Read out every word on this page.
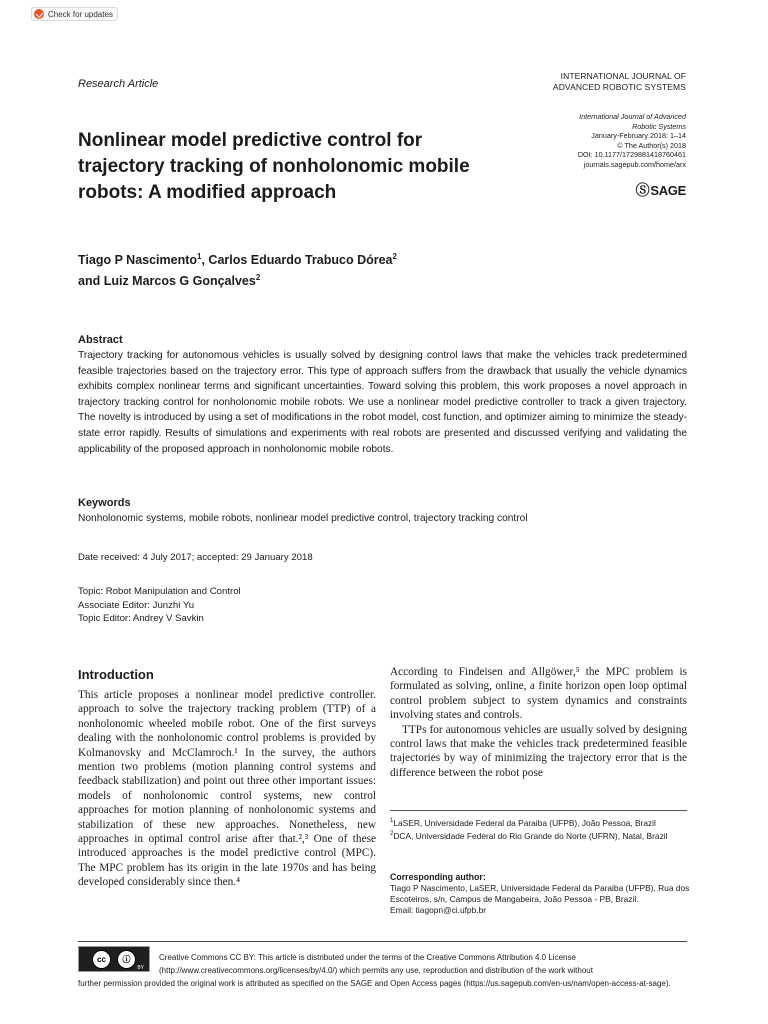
Check for updates
Research Article
INTERNATIONAL JOURNAL OF
ADVANCED ROBOTIC SYSTEMS
International Journal of Advanced
Robotic Systems
January-February 2018: 1–14
© The Author(s) 2018
DOI: 10.1177/1729881418760461
journals.sagepub.com/home/arx
Ⓢ SAGE
Nonlinear model predictive control for trajectory tracking of nonholonomic mobile robots: A modified approach
Tiago P Nascimento$^1$, Carlos Eduardo Trabuco Dórea$^2$
and Luiz Marcos G Gonçalves$^2$
Abstract
Trajectory tracking for autonomous vehicles is usually solved by designing control laws that make the vehicles track predetermined feasible trajectories based on the trajectory error. This type of approach suffers from the drawback that usually the vehicle dynamics exhibits complex nonlinear terms and significant uncertainties. Toward solving this problem, this work proposes a novel approach in trajectory tracking control for nonholonomic mobile robots. We use a nonlinear model predictive controller to track a given trajectory. The novelty is introduced by using a set of modifications in the robot model, cost function, and optimizer aiming to minimize the steady-state error rapidly. Results of simulations and experiments with real robots are presented and discussed verifying and validating the applicability of the proposed approach in nonholonomic mobile robots.
Keywords
Nonholonomic systems, mobile robots, nonlinear model predictive control, trajectory tracking control
Date received: 4 July 2017; accepted: 29 January 2018
Topic: Robot Manipulation and Control
Associate Editor: Junzhi Yu
Topic Editor: Andrey V Savkin
Introduction

This article proposes a nonlinear model predictive controller. approach to solve the trajectory tracking problem (TTP) of a nonholonomic wheeled mobile robot. One of the first surveys dealing with the nonholonomic control problems is provided by Kolmanovsky and McClamroch.¹ In the survey, the authors mention two problems (motion planning control systems and feedback stabilization) and point out three other important issues: models of nonholonomic control systems, new control approaches for motion planning of nonholonomic systems and stabilization of these new approaches. Nonetheless, new approaches in optimal control arise after that.²,³ One of these introduced approaches is the model predictive control (MPC). The MPC problem has its origin in the late 1970s and has being developed considerably since then.⁴

According to Findeisen and Allgöwer,⁵ the MPC problem is formulated as solving, online, a finite horizon open loop optimal control problem subject to system dynamics and constraints involving states and controls.

TTPs for autonomous vehicles are usually solved by designing control laws that make the vehicles track predetermined feasible trajectories by way of minimizing the trajectory error that is the difference between the robot pose

$^1$LaSER, Universidade Federal da Paraiba (UFPB), João Pessoa, Brazil
$^2$DCA, Universidade Federal do Rio Grande do Norte (UFRN), Natal, Brazil
Corresponding author:
Tiago P Nascimento, LaSER, Universidade Federal da Paraiba (UFPB), Rua dos Escoteiros, s/n, Campus de Mangabeira, João Pessoa - PB, Brazil.
Email: tiagopn@ci.ufpb.br
cc	ⓘ
BY
Creative Commons CC BY: This article is distributed under the terms of the Creative Commons Attribution 4.0 License (http://www.creativecommons.org/licenses/by/4.0/) which permits any use, reproduction and distribution of the work without
further permission provided the original work is attributed as specified on the SAGE and Open Access pages (https://us.sagepub.com/en-us/nam/open-access-at-sage).
